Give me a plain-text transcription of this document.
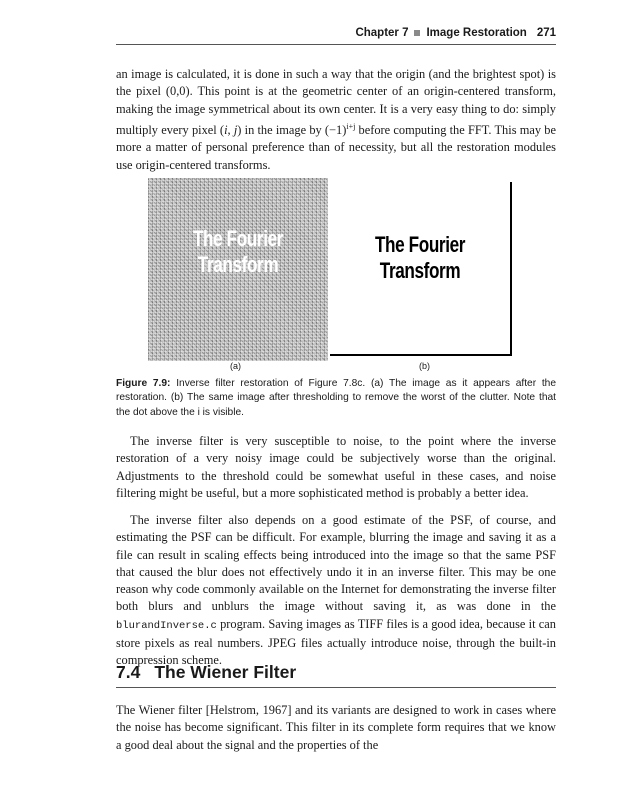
Chapter 7 Image Restoration 271

an image is calculated, it is done in such a way that the origin (and the brightest spot) is the pixel (0,0). This point is at the geometric center of an origin-centered transform, making the image symmetrical about its own center. It is a very easy thing to do: simply multiply every pixel (i, j) in the image by $(-1)^{i+j}$ before computing the FFT. This may be more a matter of personal preference than of necessity, but all the restoration modules use origin-centered transforms.

The Fourier Transform
The Fourier Transform
(a)	(b)
Figure 7.9: Inverse filter restoration of Figure 7.8c. (a) The image as it appears after the restoration. (b) The same image after thresholding to remove the worst of the clutter. Note that the dot above the i is visible.

The inverse filter is very susceptible to noise, to the point where the inverse restoration of a very noisy image could be subjectively worse than the original. Adjustments to the threshold could be somewhat useful in these cases, and noise filtering might be useful, but a more sophisticated method is probably a better idea.

The inverse filter also depends on a good estimate of the PSF, of course, and estimating the PSF can be difficult. For example, blurring the image and saving it as a file can result in scaling effects being introduced into the image so that the same PSF that caused the blur does not effectively undo it in an inverse filter. This may be one reason why code commonly available on the Internet for demonstrating the inverse filter both blurs and unblurs the image without saving it, as was done in the blurandInverse.c program. Saving images as TIFF files is a good idea, because it can store pixels as real numbers. JPEG files actually introduce noise, through the built-in compression scheme.

7.4 The Wiener Filter

The Wiener filter [Helstrom, 1967] and its variants are designed to work in cases where the noise has become significant. This filter in its complete form requires that we know a good deal about the signal and the properties of the
